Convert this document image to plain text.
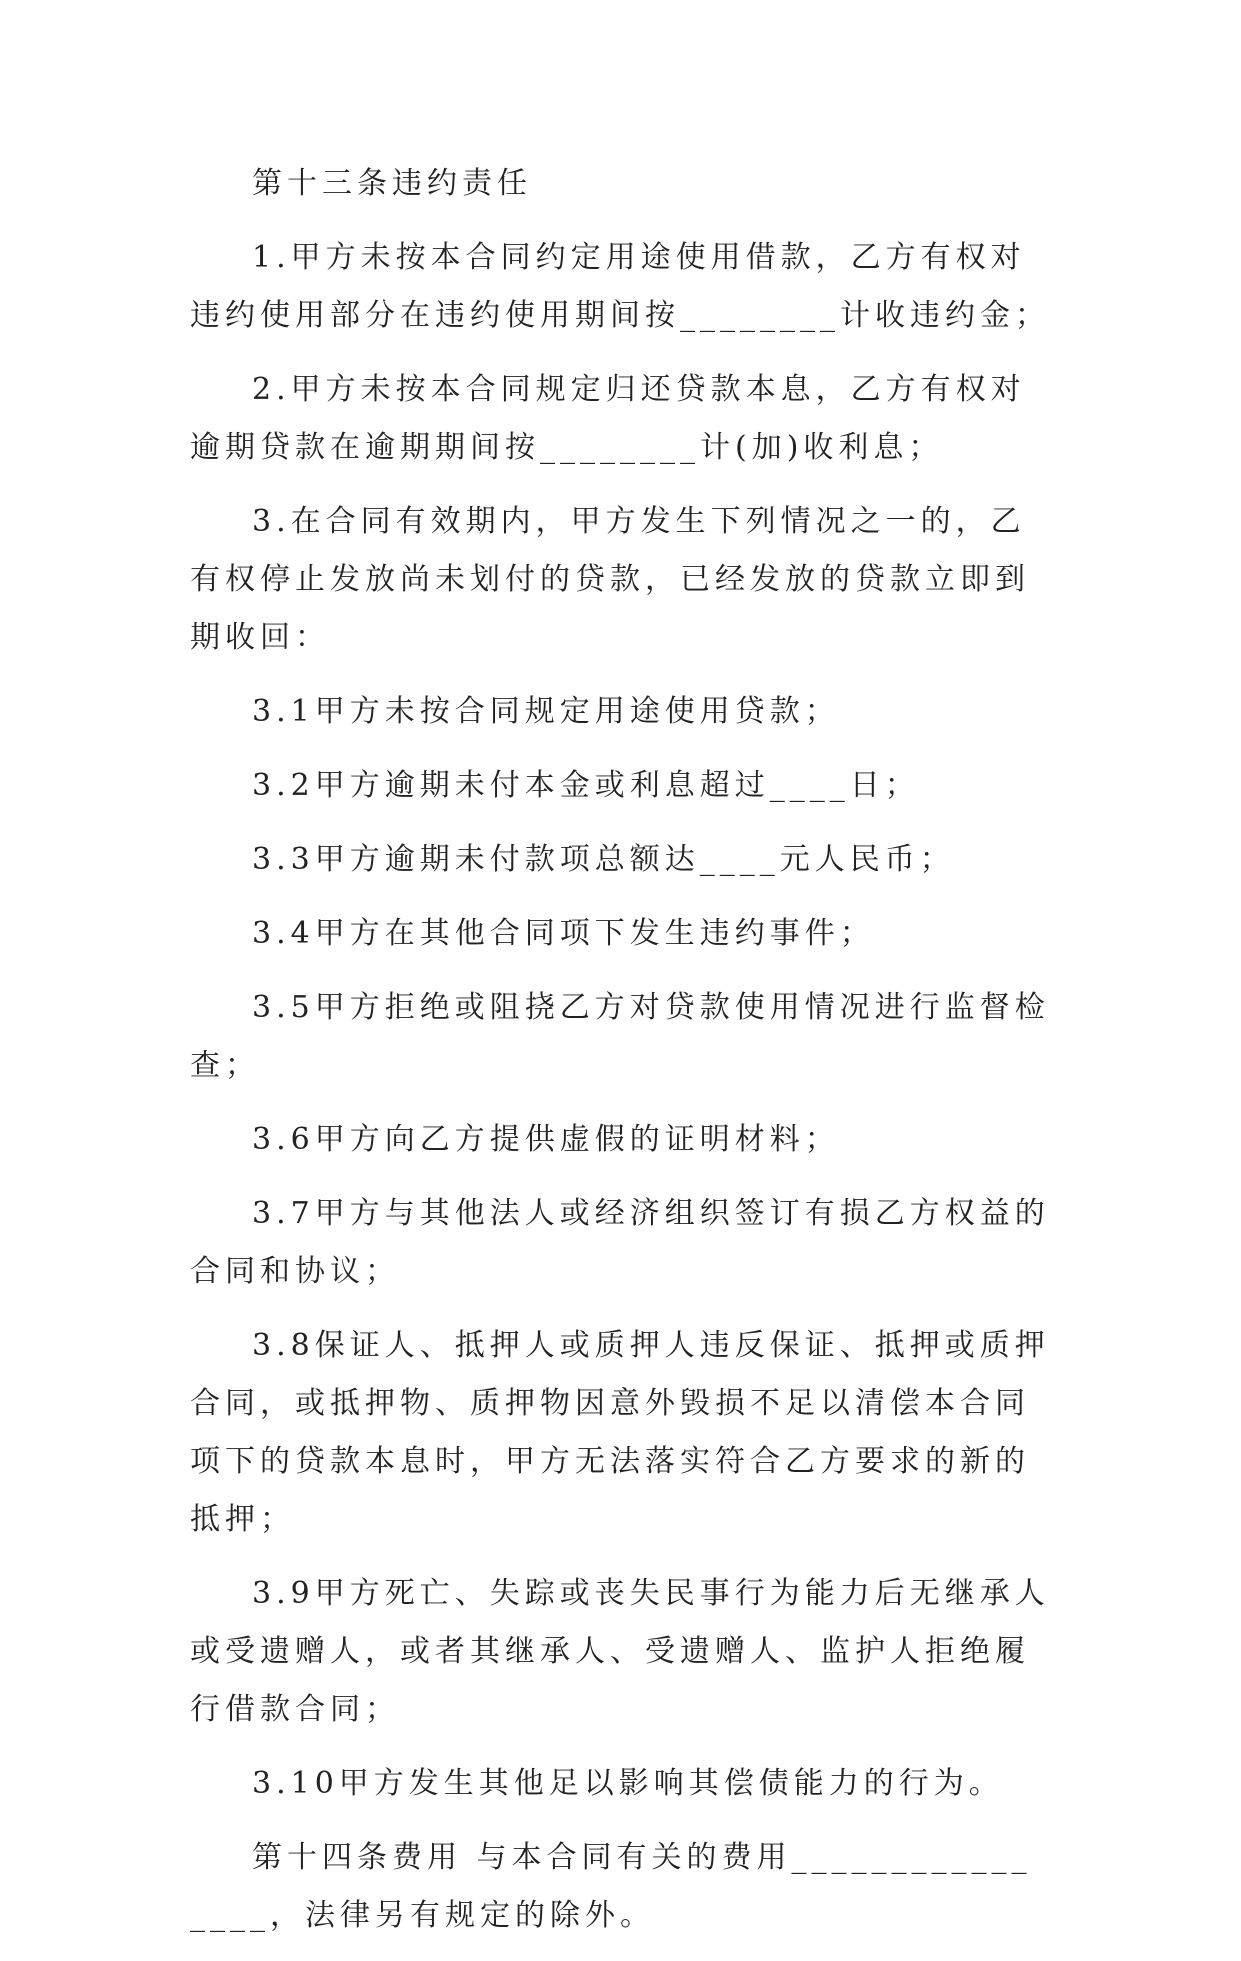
第十三条违约责任

1.甲方未按本合同约定用途使用借款，乙方有权对违约使用部分在违约使用期间按________计收违约金；

2.甲方未按本合同规定归还贷款本息，乙方有权对逾期贷款在逾期期间按________计(加)收利息；

3.在合同有效期内，甲方发生下列情况之一的，乙有权停止发放尚未划付的贷款，已经发放的贷款立即到期收回：

3.1甲方未按合同规定用途使用贷款；

3.2甲方逾期未付本金或利息超过____日；

3.3甲方逾期未付款项总额达____元人民币；

3.4甲方在其他合同项下发生违约事件；

3.5甲方拒绝或阻挠乙方对贷款使用情况进行监督检查；

3.6甲方向乙方提供虚假的证明材料；

3.7甲方与其他法人或经济组织签订有损乙方权益的合同和协议；

3.8保证人、抵押人或质押人违反保证、抵押或质押合同，或抵押物、质押物因意外毁损不足以清偿本合同项下的贷款本息时，甲方无法落实符合乙方要求的新的抵押；

3.9甲方死亡、失踪或丧失民事行为能力后无继承人或受遗赠人，或者其继承人、受遗赠人、监护人拒绝履行借款合同；

3.10甲方发生其他足以影响其偿债能力的行为。

第十四条费用 与本合同有关的费用________________，法律另有规定的除外。
